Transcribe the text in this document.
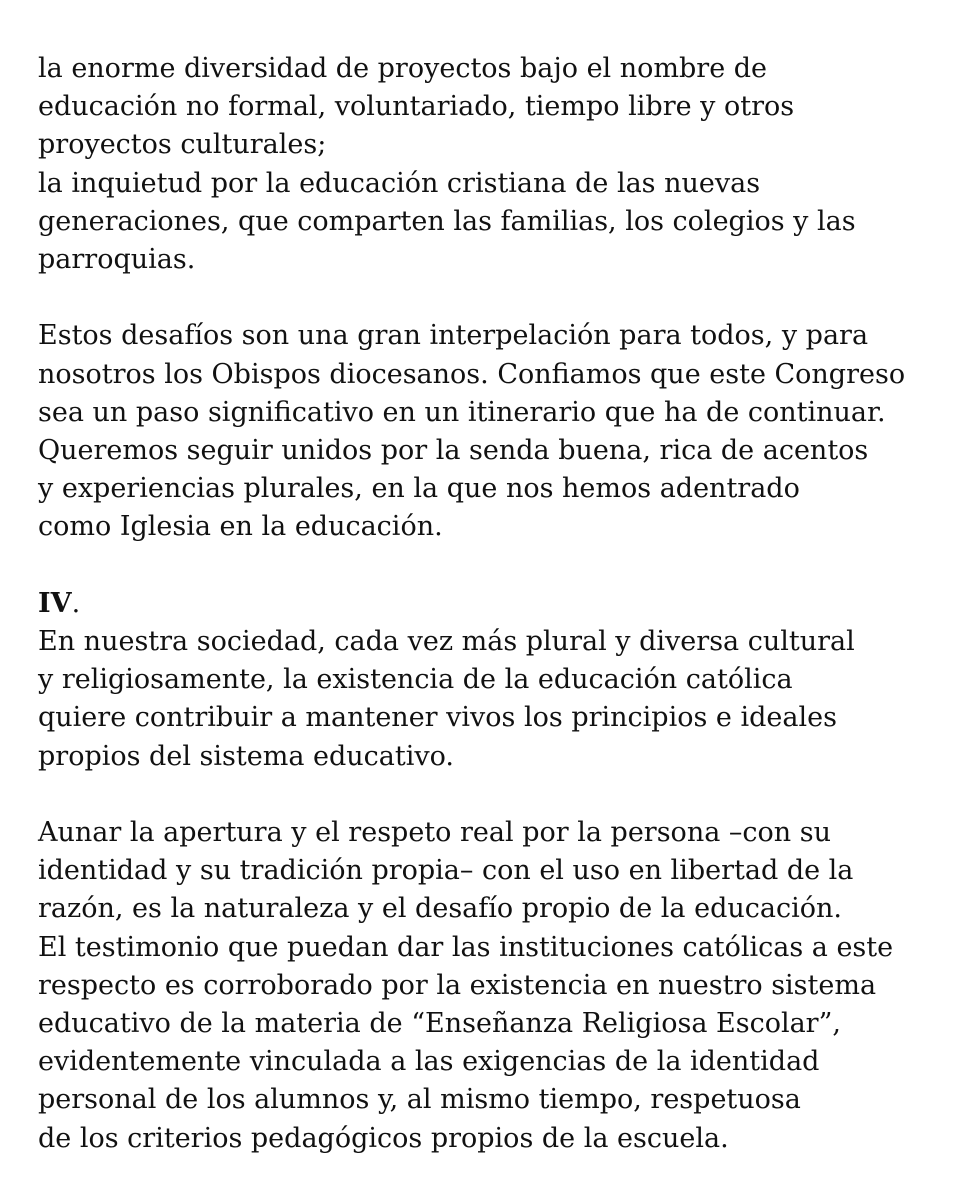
la enorme diversidad de proyectos bajo el nombre de
educación no formal, voluntariado, tiempo libre y otros
proyectos culturales;
la inquietud por la educación cristiana de las nuevas
generaciones, que comparten las familias, los colegios y las
parroquias.
Estos desafíos son una gran interpelación para todos, y para
nosotros los Obispos diocesanos. Confiamos que este Congreso
sea un paso significativo en un itinerario que ha de continuar.
Queremos seguir unidos por la senda buena, rica de acentos
y experiencias plurales, en la que nos hemos adentrado
como Iglesia en la educación.
IV.
En nuestra sociedad, cada vez más plural y diversa cultural
y religiosamente, la existencia de la educación católica
quiere contribuir a mantener vivos los principios e ideales
propios del sistema educativo.
Aunar la apertura y el respeto real por la persona –con su
identidad y su tradición propia– con el uso en libertad de la
razón, es la naturaleza y el desafío propio de la educación.
El testimonio que puedan dar las instituciones católicas a este
respecto es corroborado por la existencia en nuestro sistema
educativo de la materia de “Enseñanza Religiosa Escolar”,
evidentemente vinculada a las exigencias de la identidad
personal de los alumnos y, al mismo tiempo, respetuosa
de los criterios pedagógicos propios de la escuela.
